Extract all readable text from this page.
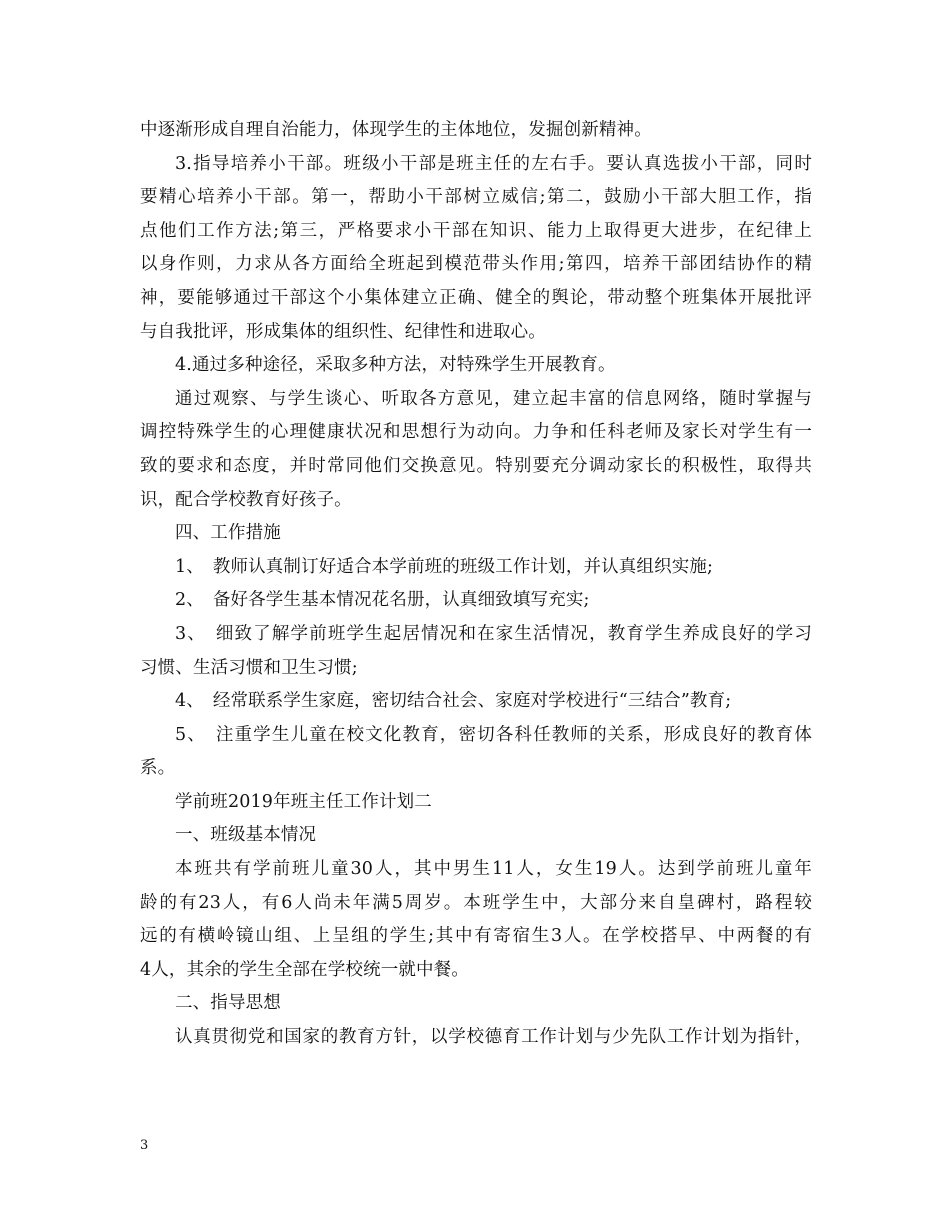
中逐渐形成自理自治能力，体现学生的主体地位，发掘创新精神。
3.指导培养小干部。班级小干部是班主任的左右手。要认真选拔小干部，同时
要精心培养小干部。第一，帮助小干部树立威信;第二，鼓励小干部大胆工作，指
点他们工作方法;第三，严格要求小干部在知识、能力上取得更大进步，在纪律上
以身作则，力求从各方面给全班起到模范带头作用;第四，培养干部团结协作的精
神，要能够通过干部这个小集体建立正确、健全的舆论，带动整个班集体开展批评
与自我批评，形成集体的组织性、纪律性和进取心。
4.通过多种途径，采取多种方法，对特殊学生开展教育。
通过观察、与学生谈心、听取各方意见，建立起丰富的信息网络，随时掌握与
调控特殊学生的心理健康状况和思想行为动向。力争和任科老师及家长对学生有一
致的要求和态度，并时常同他们交换意见。特别要充分调动家长的积极性，取得共
识，配合学校教育好孩子。
四、工作措施
1、　教师认真制订好适合本学前班的班级工作计划，并认真组织实施;
2、　备好各学生基本情况花名册，认真细致填写充实;
3、　细致了解学前班学生起居情况和在家生活情况，教育学生养成良好的学习
习惯、生活习惯和卫生习惯;
4、　经常联系学生家庭，密切结合社会、家庭对学校进行“三结合”教育;
5、　注重学生儿童在校文化教育，密切各科任教师的关系，形成良好的教育体
系。
学前班2019年班主任工作计划二
一、班级基本情况
本班共有学前班儿童30人，其中男生11人，女生19人。达到学前班儿童年
龄的有23人，有6人尚未年满5周岁。本班学生中，大部分来自皇碑村，路程较
远的有横岭镜山组、上呈组的学生;其中有寄宿生3人。在学校搭早、中两餐的有
4人，其余的学生全部在学校统一就中餐。
二、指导思想
认真贯彻党和国家的教育方针，以学校德育工作计划与少先队工作计划为指针，
3
